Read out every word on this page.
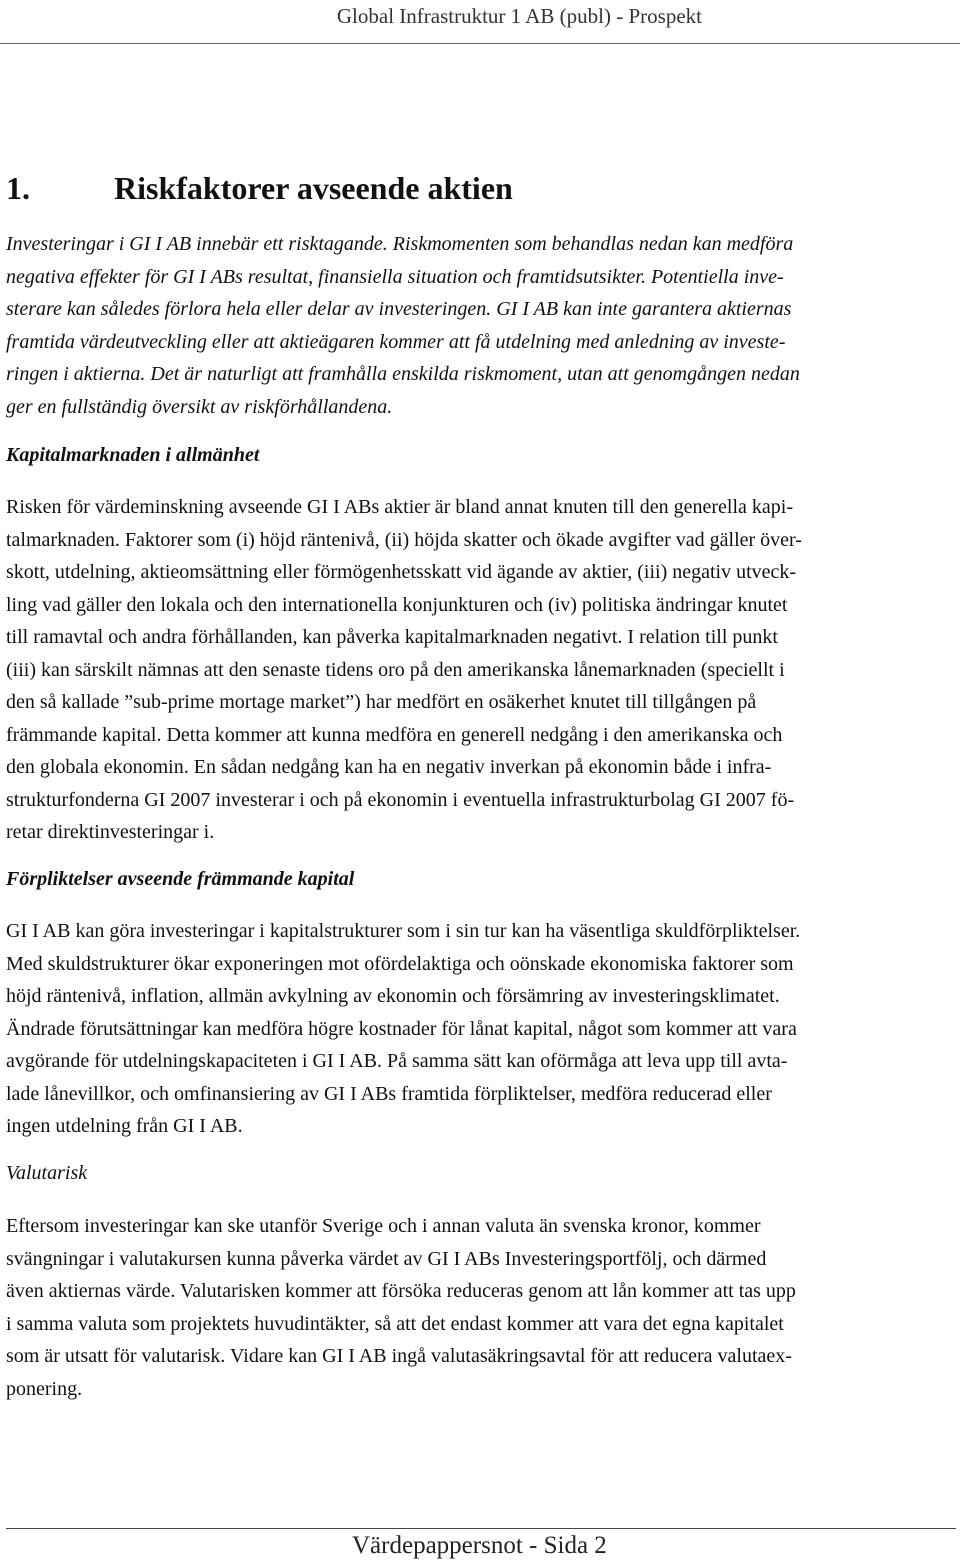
Global Infrastruktur 1 AB (publ) - Prospekt
1.	Riskfaktorer avseende aktien
Investeringar i GI I AB innebär ett risktagande. Riskmomenten som behandlas nedan kan medföra
negativa effekter för GI I ABs resultat, finansiella situation och framtidsutsikter. Potentiella inve-
sterare kan således förlora hela eller delar av investeringen. GI I AB kan inte garantera aktiernas
framtida värdeutveckling eller att aktieägaren kommer att få utdelning med anledning av investe-
ringen i aktierna. Det är naturligt att framhålla enskilda riskmoment, utan att genomgången nedan
ger en fullständig översikt av riskförhållandena.
Kapitalmarknaden i allmänhet
Risken för värdeminskning avseende GI I ABs aktier är bland annat knuten till den generella kapi-
talmarknaden. Faktorer som (i) höjd räntenivå, (ii) höjda skatter och ökade avgifter vad gäller över-
skott, utdelning, aktieomsättning eller förmögenhetsskatt vid ägande av aktier, (iii) negativ utveck-
ling vad gäller den lokala och den internationella konjunkturen och (iv) politiska ändringar knutet
till ramavtal och andra förhållanden, kan påverka kapitalmarknaden negativt. I relation till punkt
(iii) kan särskilt nämnas att den senaste tidens oro på den amerikanska lånemarknaden (speciellt i
den så kallade ”sub-prime mortage market”) har medfört en osäkerhet knutet till tillgången på
främmande kapital. Detta kommer att kunna medföra en generell nedgång i den amerikanska och
den globala ekonomin. En sådan nedgång kan ha en negativ inverkan på ekonomin både i infra-
strukturfonderna GI 2007 investerar i och på ekonomin i eventuella infrastrukturbolag GI 2007 fö-
retar direktinvesteringar i.
Förpliktelser avseende främmande kapital
GI I AB kan göra investeringar i kapitalstrukturer som i sin tur kan ha väsentliga skuldförpliktelser.
Med skuldstrukturer ökar exponeringen mot ofördelaktiga och oönskade ekonomiska faktorer som
höjd räntenivå, inflation, allmän avkylning av ekonomin och försämring av investeringsklimatet.
Ändrade förutsättningar kan medföra högre kostnader för lånat kapital, något som kommer att vara
avgörande för utdelningskapaciteten i GI I AB. På samma sätt kan oförmåga att leva upp till avta-
lade lånevillkor, och omfinansiering av GI I ABs framtida förpliktelser, medföra reducerad eller
ingen utdelning från GI I AB.
Valutarisk
Eftersom investeringar kan ske utanför Sverige och i annan valuta än svenska kronor, kommer
svängningar i valutakursen kunna påverka värdet av GI I ABs Investeringsportfölj, och därmed
även aktiernas värde. Valutarisken kommer att försöka reduceras genom att lån kommer att tas upp
i samma valuta som projektets huvudintäkter, så att det endast kommer att vara det egna kapitalet
som är utsatt för valutarisk. Vidare kan GI I AB ingå valutasäkringsavtal för att reducera valutaex-
ponering.
Värdepappersnot - Sida 2
